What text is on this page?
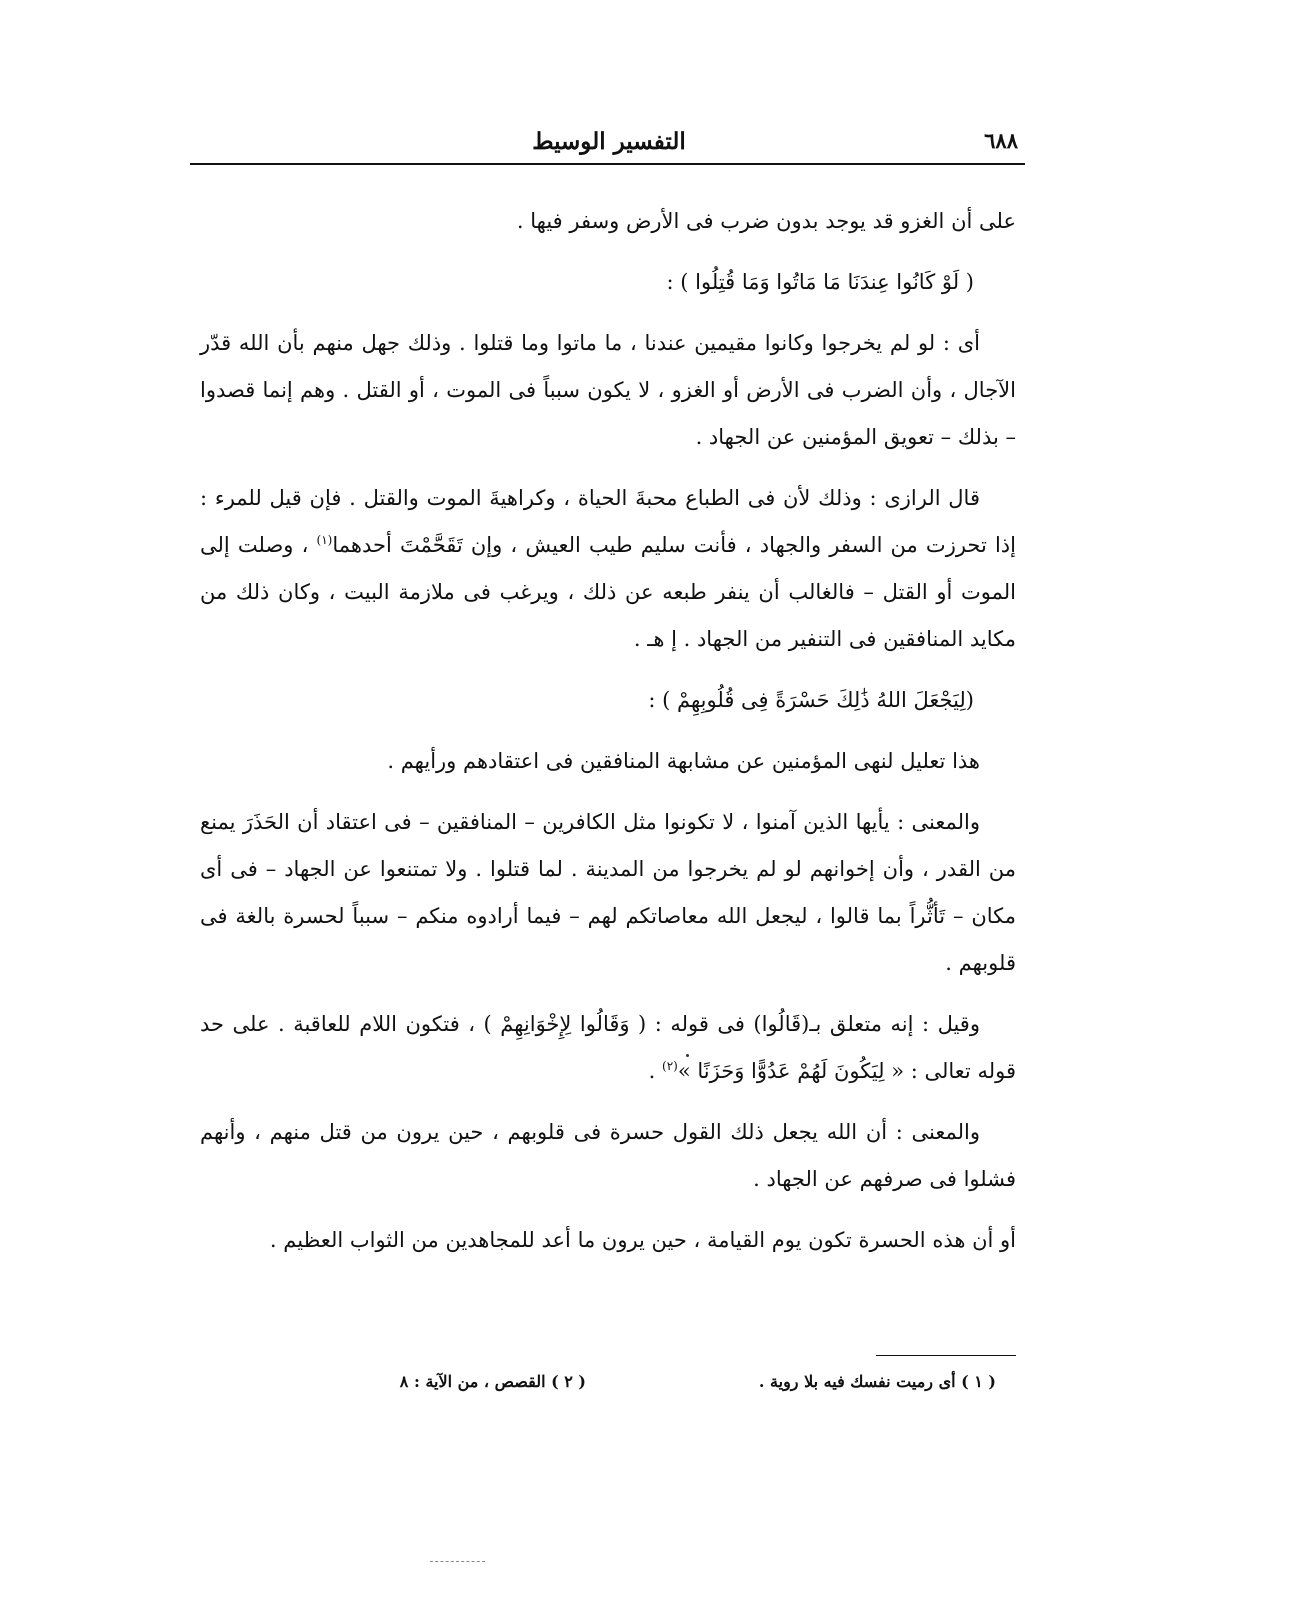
٦٨٨
التفسير الوسيط

على أن الغزو قد يوجد بدون ضرب فى الأرض وسفر فيها .

( لَوْ كَانُوا عِندَنَا مَا مَاتُوا وَمَا قُتِلُوا ) :

أى : لو لم يخرجوا وكانوا مقيمين عندنا ، ما ماتوا وما قتلوا . وذلك جهل منهم بأن الله قدّر الآجال ، وأن الضرب فى الأرض أو الغزو ، لا يكون سبباً فى الموت ، أو القتل . وهم إنما قصدوا – بذلك – تعويق المؤمنين عن الجهاد .

قال الرازى : وذلك لأن فى الطباع محبةَ الحياة ، وكراهيةَ الموت والقتل . فإن قيل للمرء : إذا تحرزت من السفر والجهاد ، فأنت سليم طيب العيش ، وإن تَقَحَّمْتَ أحدهما$^{(١)}$ ، وصلت إلى الموت أو القتل – فالغالب أن ينفر طبعه عن ذلك ، ويرغب فى ملازمة البيت ، وكان ذلك من مكايد المنافقين فى التنفير من الجهاد . إ هـ .

(لِيَجْعَلَ اللهُ ذَٰلِكَ حَسْرَةً فِى قُلُوبِهِمْ ) :

هذا تعليل لنهى المؤمنين عن مشابهة المنافقين فى اعتقادهم ورأيهم .

والمعنى : يأيها الذين آمنوا ، لا تكونوا مثل الكافرين – المنافقين – فى اعتقاد أن الحَذَرَ يمنع من القدر ، وأن إخوانهم لو لم يخرجوا من المدينة . لما قتلوا . ولا تمتنعوا عن الجهاد – فى أى مكان – تَأثُّراً بما قالوا ، ليجعل الله معاصاتكم لهم – فيما أرادوه منكم – سبباً لحسرة بالغة فى قلوبهم .

وقيل : إنه متعلق بـ(قَالُوا) فى قوله : ( وَقَالُوا لِإِخْوَانِهِمْ ) ، فتكون اللام للعاقبة . على حد قوله تعالى : « لِيَكُونَ لَهُمْ عَدُوًّا وَحَزَنًا »$^{(٢)}$ .

والمعنى : أن الله يجعل ذلك القول حسرة فى قلوبهم ، حين يرون من قتل منهم ، وأنهم فشلوا فى صرفهم عن الجهاد .

أو أن هذه الحسرة تكون يوم القيامة ، حين يرون ما أعد للمجاهدين من الثواب العظيم .

( ١ ) أى رميت نفسك فيه بلا روية .
( ٢ ) القصص ، من الآية : ٨
